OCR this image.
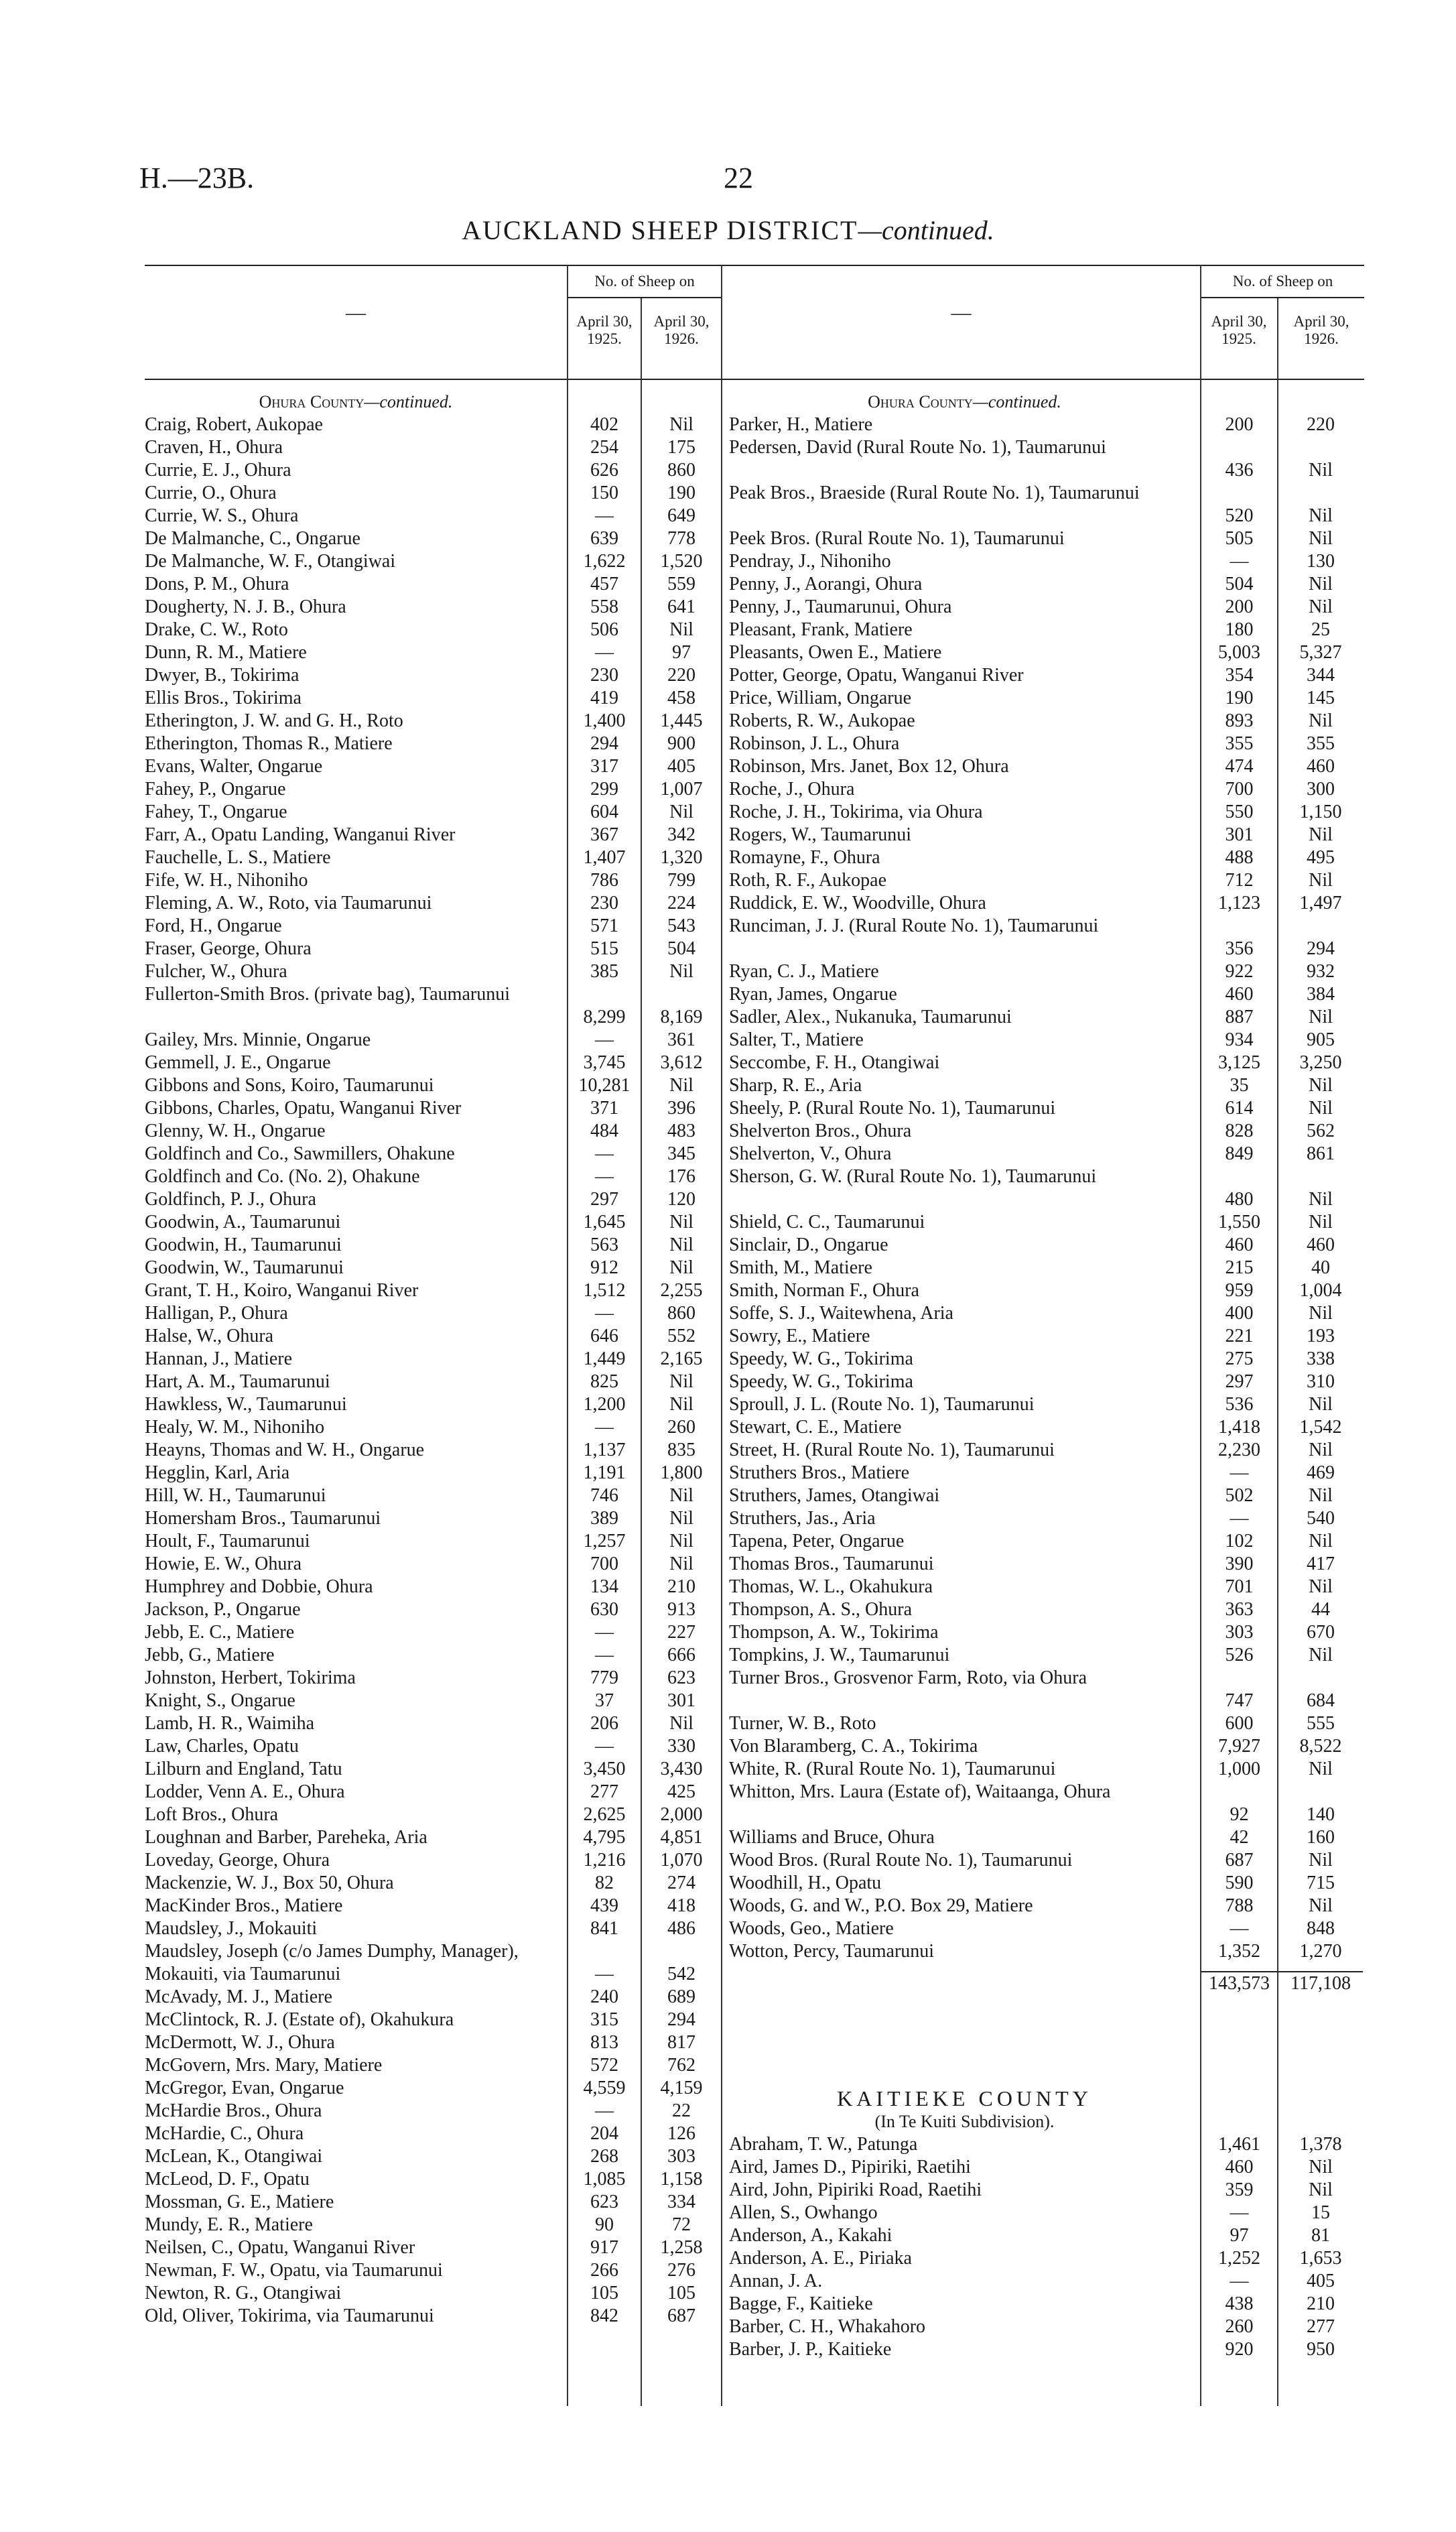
H.—23B.	22
AUCKLAND SHEEP DISTRICT—continued.
—
No. of Sheep on
April 30, 1925.
April 30, 1926.
—
No. of Sheep on
April 30, 1925.
April 30, 1926.
Ohura County—continued.
Craig, Robert, Aukopae	402	Nil
Craven, H., Ohura	254	175
Currie, E. J., Ohura	626	860
Currie, O., Ohura	150	190
Currie, W. S., Ohura	—	649
De Malmanche, C., Ongarue	639	778
De Malmanche, W. F., Otangiwai	1,622	1,520
Dons, P. M., Ohura	457	559
Dougherty, N. J. B., Ohura	558	641
Drake, C. W., Roto	506	Nil
Dunn, R. M., Matiere	—	97
Dwyer, B., Tokirima	230	220
Ellis Bros., Tokirima	419	458
Etherington, J. W. and G. H., Roto	1,400	1,445
Etherington, Thomas R., Matiere	294	900
Evans, Walter, Ongarue	317	405
Fahey, P., Ongarue	299	1,007
Fahey, T., Ongarue	604	Nil
Farr, A., Opatu Landing, Wanganui River	367	342
Fauchelle, L. S., Matiere	1,407	1,320
Fife, W. H., Nihoniho	786	799
Fleming, A. W., Roto, via Taumarunui	230	224
Ford, H., Ongarue	571	543
Fraser, George, Ohura	515	504
Fulcher, W., Ohura	385	Nil
Fullerton-Smith Bros. (private bag), Taumarunui
8,299	8,169
Gailey, Mrs. Minnie, Ongarue	—	361
Gemmell, J. E., Ongarue	3,745	3,612
Gibbons and Sons, Koiro, Taumarunui	10,281	Nil
Gibbons, Charles, Opatu, Wanganui River	371	396
Glenny, W. H., Ongarue	484	483
Goldfinch and Co., Sawmillers, Ohakune	—	345
Goldfinch and Co. (No. 2), Ohakune	—	176
Goldfinch, P. J., Ohura	297	120
Goodwin, A., Taumarunui	1,645	Nil
Goodwin, H., Taumarunui	563	Nil
Goodwin, W., Taumarunui	912	Nil
Grant, T. H., Koiro, Wanganui River	1,512	2,255
Halligan, P., Ohura	—	860
Halse, W., Ohura	646	552
Hannan, J., Matiere	1,449	2,165
Hart, A. M., Taumarunui	825	Nil
Hawkless, W., Taumarunui	1,200	Nil
Healy, W. M., Nihoniho	—	260
Heayns, Thomas and W. H., Ongarue	1,137	835
Hegglin, Karl, Aria	1,191	1,800
Hill, W. H., Taumarunui	746	Nil
Homersham Bros., Taumarunui	389	Nil
Hoult, F., Taumarunui	1,257	Nil
Howie, E. W., Ohura	700	Nil
Humphrey and Dobbie, Ohura	134	210
Jackson, P., Ongarue	630	913
Jebb, E. C., Matiere	—	227
Jebb, G., Matiere	—	666
Johnston, Herbert, Tokirima	779	623
Knight, S., Ongarue	37	301
Lamb, H. R., Waimiha	206	Nil
Law, Charles, Opatu	—	330
Lilburn and England, Tatu	3,450	3,430
Lodder, Venn A. E., Ohura	277	425
Loft Bros., Ohura	2,625	2,000
Loughnan and Barber, Pareheka, Aria	4,795	4,851
Loveday, George, Ohura	1,216	1,070
Mackenzie, W. J., Box 50, Ohura	82	274
MacKinder Bros., Matiere	439	418
Maudsley, J., Mokauiti	841	486
Maudsley, Joseph (c/o James Dumphy, Manager), Mokauiti, via Taumarunui	—	542
McAvady, M. J., Matiere	240	689
McClintock, R. J. (Estate of), Okahukura	315	294
McDermott, W. J., Ohura	813	817
McGovern, Mrs. Mary, Matiere	572	762
McGregor, Evan, Ongarue	4,559	4,159
McHardie Bros., Ohura	—	22
McHardie, C., Ohura	204	126
McLean, K., Otangiwai	268	303
McLeod, D. F., Opatu	1,085	1,158
Mossman, G. E., Matiere	623	334
Mundy, E. R., Matiere	90	72
Neilsen, C., Opatu, Wanganui River	917	1,258
Newman, F. W., Opatu, via Taumarunui	266	276
Newton, R. G., Otangiwai	105	105
Old, Oliver, Tokirima, via Taumarunui	842	687
Ohura County—continued.
Parker, H., Matiere	200	220
Pedersen, David (Rural Route No. 1), Taumarunui
436	Nil
Peak Bros., Braeside (Rural Route No. 1), Taumarunui
520	Nil
Peek Bros. (Rural Route No. 1), Taumarunui	505	Nil
Pendray, J., Nihoniho	—	130
Penny, J., Aorangi, Ohura	504	Nil
Penny, J., Taumarunui, Ohura	200	Nil
Pleasant, Frank, Matiere	180	25
Pleasants, Owen E., Matiere	5,003	5,327
Potter, George, Opatu, Wanganui River	354	344
Price, William, Ongarue	190	145
Roberts, R. W., Aukopae	893	Nil
Robinson, J. L., Ohura	355	355
Robinson, Mrs. Janet, Box 12, Ohura	474	460
Roche, J., Ohura	700	300
Roche, J. H., Tokirima, via Ohura	550	1,150
Rogers, W., Taumarunui	301	Nil
Romayne, F., Ohura	488	495
Roth, R. F., Aukopae	712	Nil
Ruddick, E. W., Woodville, Ohura	1,123	1,497
Runciman, J. J. (Rural Route No. 1), Taumarunui
356	294
Ryan, C. J., Matiere	922	932
Ryan, James, Ongarue	460	384
Sadler, Alex., Nukanuka, Taumarunui	887	Nil
Salter, T., Matiere	934	905
Seccombe, F. H., Otangiwai	3,125	3,250
Sharp, R. E., Aria	35	Nil
Sheely, P. (Rural Route No. 1), Taumarunui	614	Nil
Shelverton Bros., Ohura	828	562
Shelverton, V., Ohura	849	861
Sherson, G. W. (Rural Route No. 1), Taumarunui
480	Nil
Shield, C. C., Taumarunui	1,550	Nil
Sinclair, D., Ongarue	460	460
Smith, M., Matiere	215	40
Smith, Norman F., Ohura	959	1,004
Soffe, S. J., Waitewhena, Aria	400	Nil
Sowry, E., Matiere	221	193
Speedy, W. G., Tokirima	275	338
Speedy, W. G., Tokirima	297	310
Sproull, J. L. (Route No. 1), Taumarunui	536	Nil
Stewart, C. E., Matiere	1,418	1,542
Street, H. (Rural Route No. 1), Taumarunui	2,230	Nil
Struthers Bros., Matiere	—	469
Struthers, James, Otangiwai	502	Nil
Struthers, Jas., Aria	—	540
Tapena, Peter, Ongarue	102	Nil
Thomas Bros., Taumarunui	390	417
Thomas, W. L., Okahukura	701	Nil
Thompson, A. S., Ohura	363	44
Thompson, A. W., Tokirima	303	670
Tompkins, J. W., Taumarunui	526	Nil
Turner Bros., Grosvenor Farm, Roto, via Ohura
747	684
Turner, W. B., Roto	600	555
Von Blaramberg, C. A., Tokirima	7,927	8,522
White, R. (Rural Route No. 1), Taumarunui	1,000	Nil
Whitton, Mrs. Laura (Estate of), Waitaanga, Ohura
92	140
Williams and Bruce, Ohura	42	160
Wood Bros. (Rural Route No. 1), Taumarunui	687	Nil
Woodhill, H., Opatu	590	715
Woods, G. and W., P.O. Box 29, Matiere	788	Nil
Woods, Geo., Matiere	—	848
Wotton, Percy, Taumarunui	1,352	1,270
143,573	117,108
KAITIEKE COUNTY
(In Te Kuiti Subdivision).
Abraham, T. W., Patunga	1,461	1,378
Aird, James D., Pipiriki, Raetihi	460	Nil
Aird, John, Pipiriki Road, Raetihi	359	Nil
Allen, S., Owhango	—	15
Anderson, A., Kakahi	97	81
Anderson, A. E., Piriaka	1,252	1,653
Annan, J. A.	—	405
Bagge, F., Kaitieke	438	210
Barber, C. H., Whakahoro	260	277
Barber, J. P., Kaitieke	920	950
